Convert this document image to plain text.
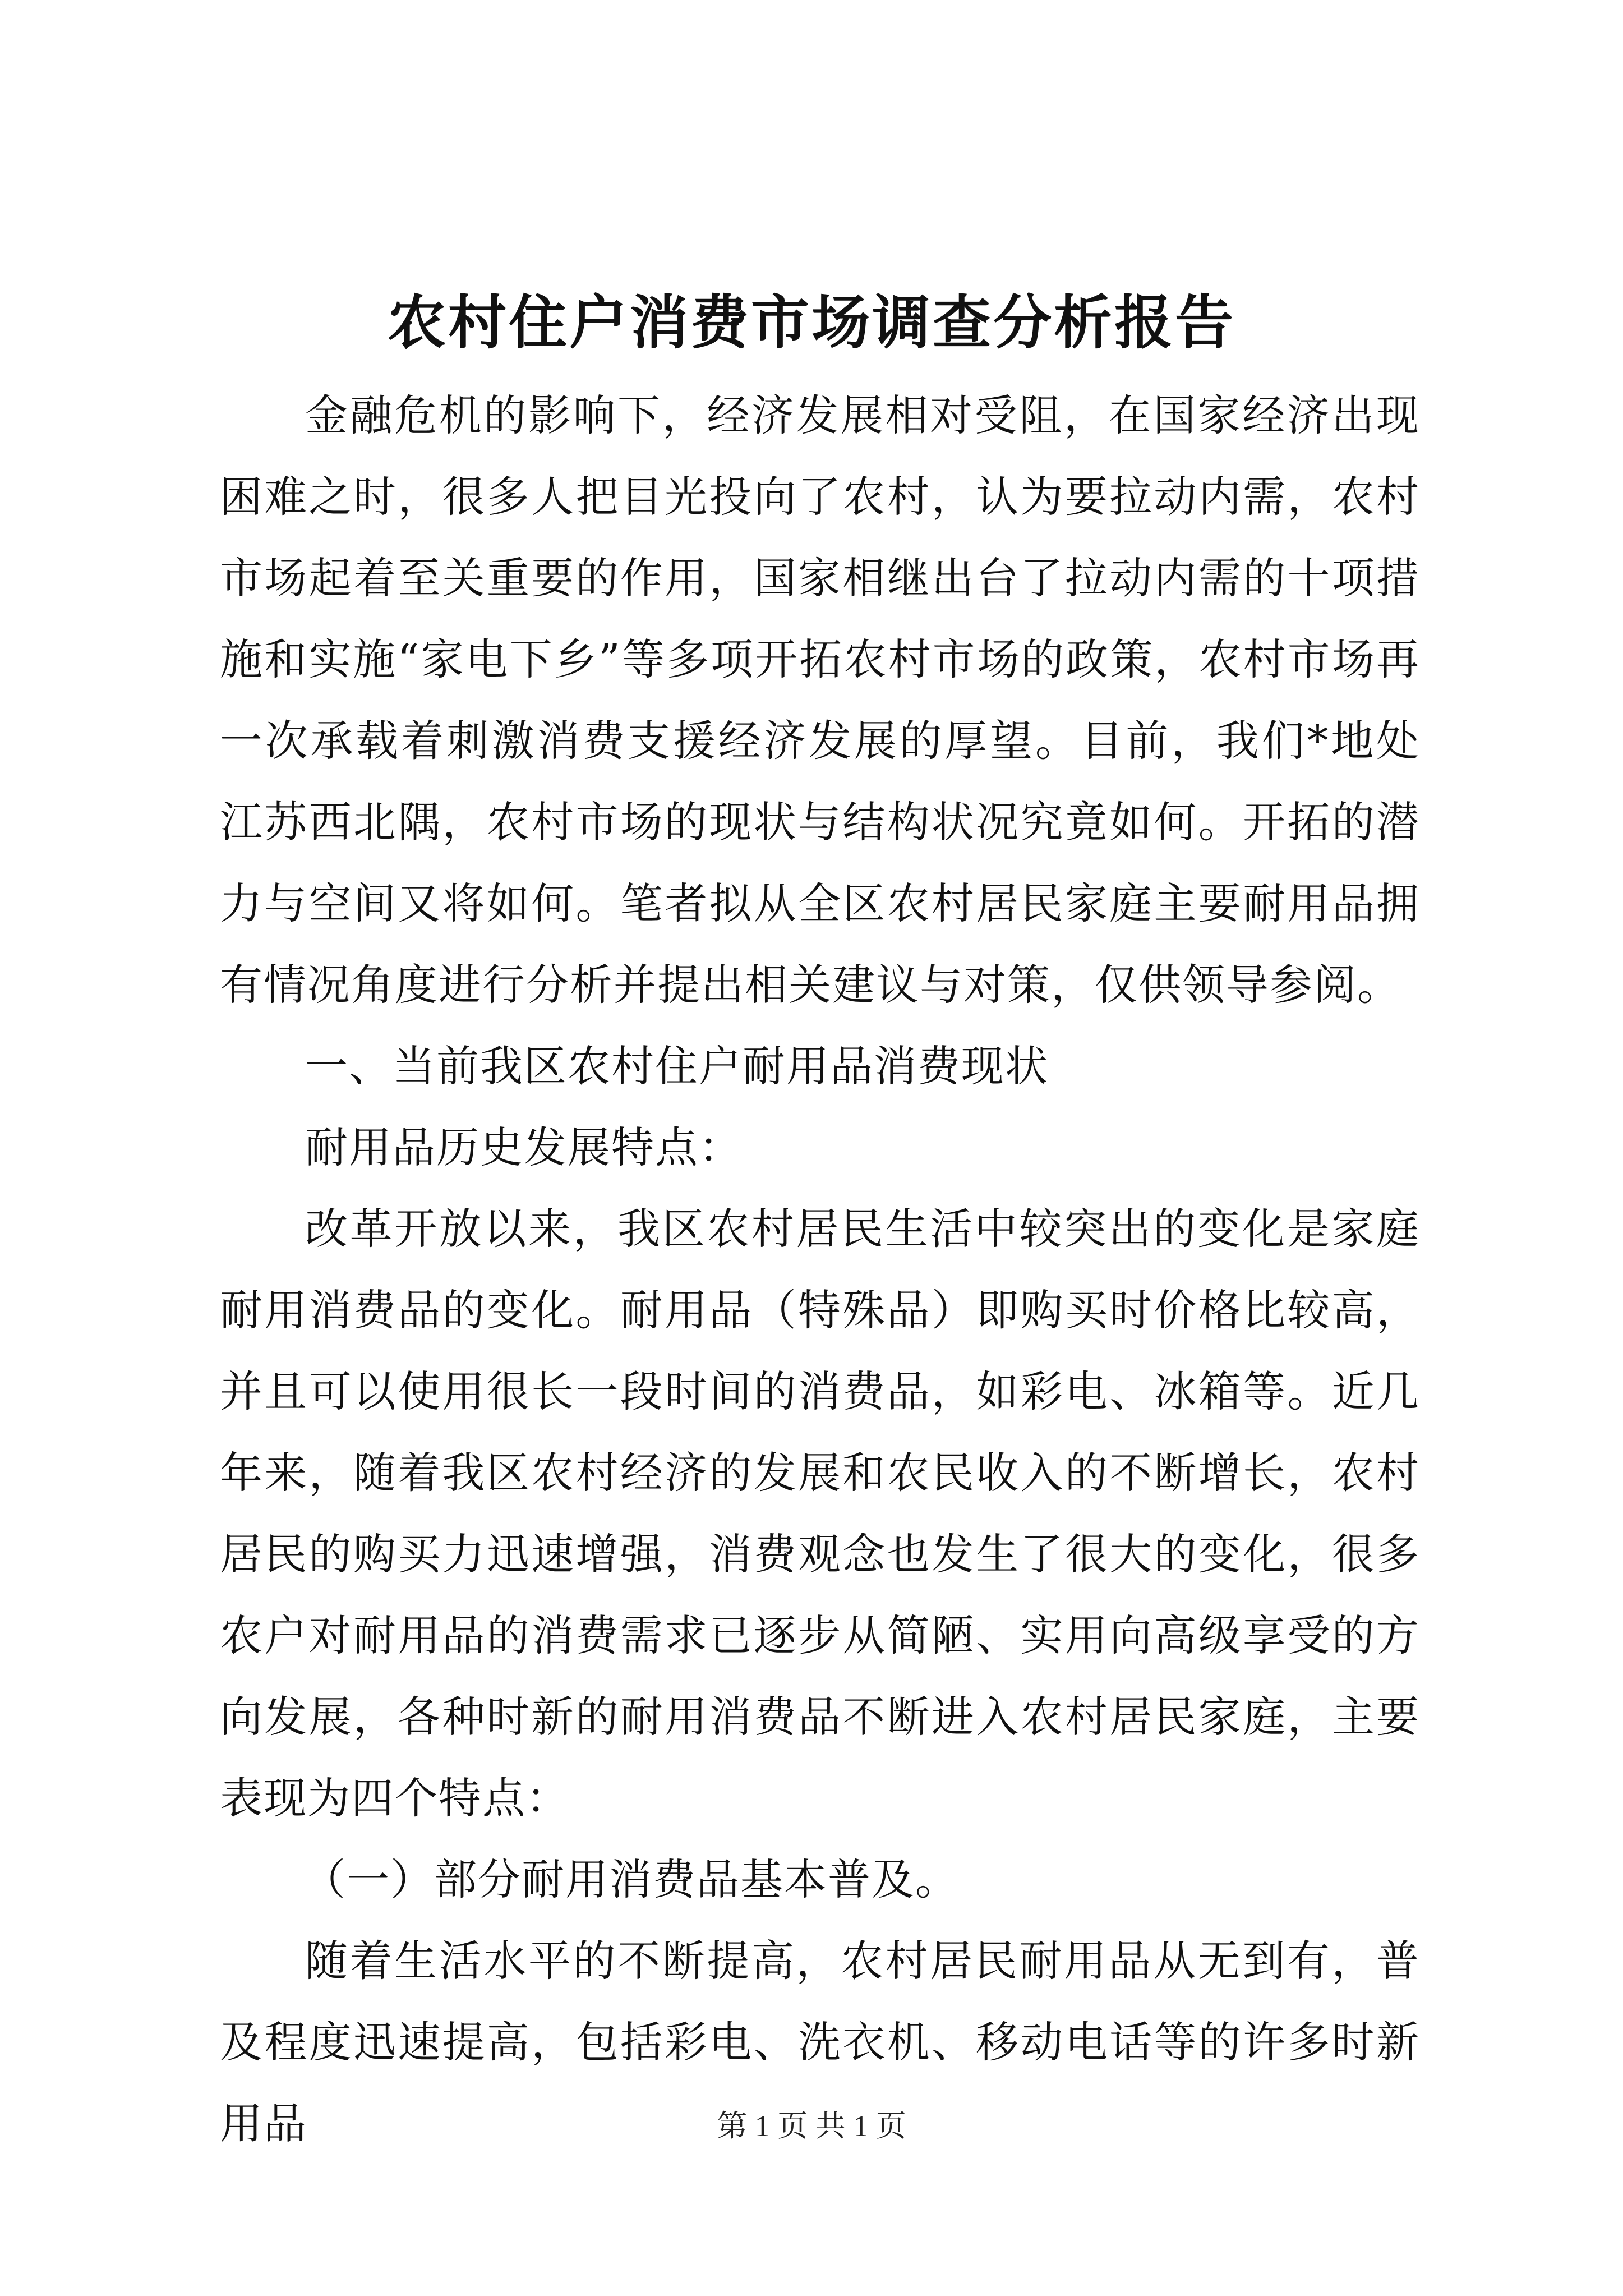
农村住户消费市场调查分析报告

金融危机的影响下，经济发展相对受阻，在国家经济出现困难之时，很多人把目光投向了农村，认为要拉动内需，农村市场起着至关重要的作用，国家相继出台了拉动内需的十项措施和实施“家电下乡”等多项开拓农村市场的政策，农村市场再一次承载着刺激消费支援经济发展的厚望。目前，我们*地处江苏西北隅，农村市场的现状与结构状况究竟如何。开拓的潜力与空间又将如何。笔者拟从全区农村居民家庭主要耐用品拥有情况角度进行分析并提出相关建议与对策，仅供领导参阅。

一、当前我区农村住户耐用品消费现状

耐用品历史发展特点：

改革开放以来，我区农村居民生活中较突出的变化是家庭耐用消费品的变化。耐用品（特殊品）即购买时价格比较高，并且可以使用很长一段时间的消费品，如彩电、冰箱等。近几年来，随着我区农村经济的发展和农民收入的不断增长，农村居民的购买力迅速增强，消费观念也发生了很大的变化，很多农户对耐用品的消费需求已逐步从简陋、实用向高级享受的方向发展，各种时新的耐用消费品不断进入农村居民家庭，主要表现为四个特点：

（一）部分耐用消费品基本普及。

随着生活水平的不断提高，农村居民耐用品从无到有，普及程度迅速提高，包括彩电、洗衣机、移动电话等的许多时新用品	第 1 页 共 1 页
